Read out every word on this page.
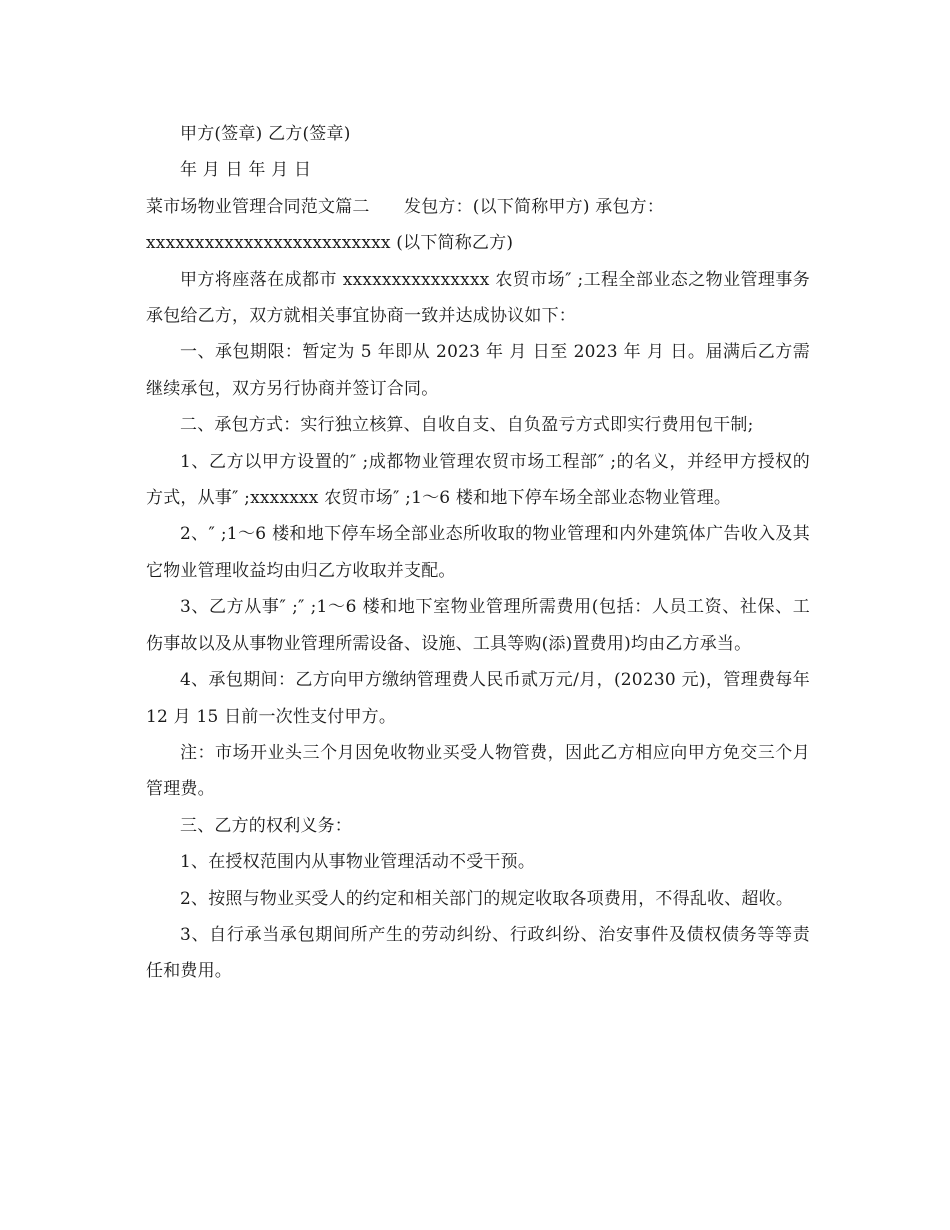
甲方(签章) 乙方(签章)

年 月 日 年 月 日

菜市场物业管理合同范文篇二　　发包方：(以下简称甲方) 承包方：

xxxxxxxxxxxxxxxxxxxxxxxxx (以下简称乙方)

甲方将座落在成都市 xxxxxxxxxxxxxxx 农贸市场″ ;工程全部业态之物业管理事务承包给乙方，双方就相关事宜协商一致并达成协议如下：

一、承包期限：暂定为 5 年即从 2023 年 月 日至 2023 年 月 日。届满后乙方需继续承包，双方另行协商并签订合同。

二、承包方式：实行独立核算、自收自支、自负盈亏方式即实行费用包干制;

1、乙方以甲方设置的″ ;成都物业管理农贸市场工程部″ ;的名义，并经甲方授权的方式，从事″ ;xxxxxxx 农贸市场″ ;1～6 楼和地下停车场全部业态物业管理。

2、″ ;1～6 楼和地下停车场全部业态所收取的物业管理和内外建筑体广告收入及其它物业管理收益均由归乙方收取并支配。

3、乙方从事″ ;″ ;1～6 楼和地下室物业管理所需费用(包括：人员工资、社保、工伤事故以及从事物业管理所需设备、设施、工具等购(添)置费用)均由乙方承当。

4、承包期间：乙方向甲方缴纳管理费人民币贰万元/月，(20230 元)，管理费每年 12 月 15 日前一次性支付甲方。

注：市场开业头三个月因免收物业买受人物管费，因此乙方相应向甲方免交三个月管理费。

三、乙方的权利义务：

1、在授权范围内从事物业管理活动不受干预。

2、按照与物业买受人的约定和相关部门的规定收取各项费用，不得乱收、超收。

3、自行承当承包期间所产生的劳动纠纷、行政纠纷、治安事件及债权债务等等责任和费用。
